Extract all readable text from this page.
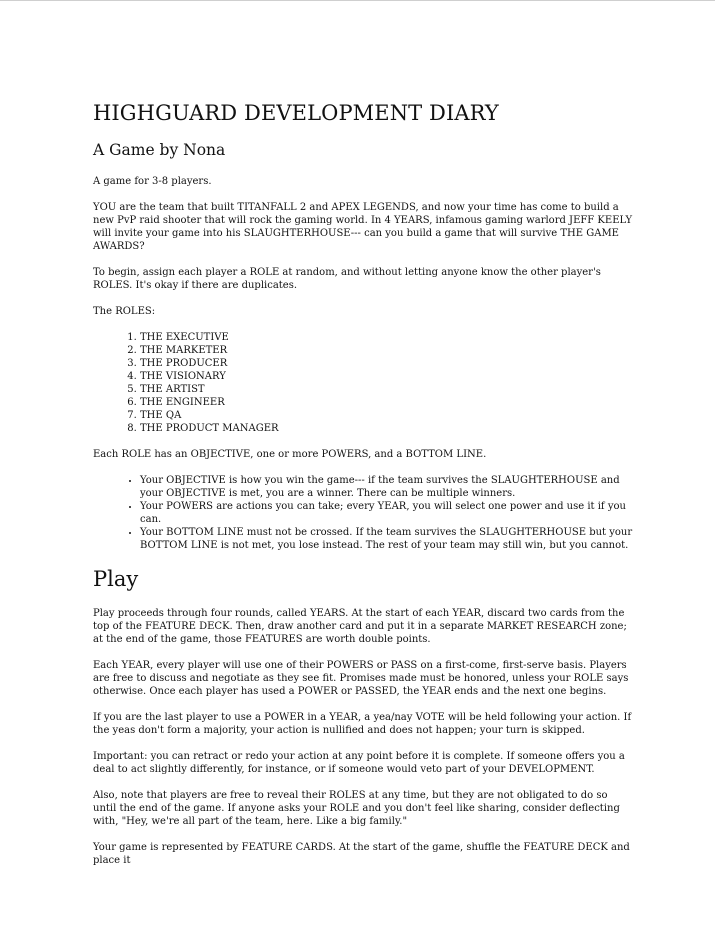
HIGHGUARD DEVELOPMENT DIARY
A Game by Nona

A game for 3-8 players.

YOU are the team that built TITANFALL 2 and APEX LEGENDS, and now your time has come to build a new PvP raid shooter that will rock the gaming world. In 4 YEARS, infamous gaming warlord JEFF KEELY will invite your game into his SLAUGHTERHOUSE--- can you build a game that will survive THE GAME AWARDS?

To begin, assign each player a ROLE at random, and without letting anyone know the other player's ROLES. It's okay if there are duplicates.

The ROLES:

1. THE EXECUTIVE
2. THE MARKETER
3. THE PRODUCER
4. THE VISIONARY
5. THE ARTIST
6. THE ENGINEER
7. THE QA
8. THE PRODUCT MANAGER

Each ROLE has an OBJECTIVE, one or more POWERS, and a BOTTOM LINE.

• Your OBJECTIVE is how you win the game--- if the team survives the SLAUGHTERHOUSE and your OBJECTIVE is met, you are a winner. There can be multiple winners.
• Your POWERS are actions you can take; every YEAR, you will select one power and use it if you can.
• Your BOTTOM LINE must not be crossed. If the team survives the SLAUGHTERHOUSE but your BOTTOM LINE is not met, you lose instead. The rest of your team may still win, but you cannot.
Play

Play proceeds through four rounds, called YEARS. At the start of each YEAR, discard two cards from the top of the FEATURE DECK. Then, draw another card and put it in a separate MARKET RESEARCH zone; at the end of the game, those FEATURES are worth double points.

Each YEAR, every player will use one of their POWERS or PASS on a first-come, first-serve basis. Players are free to discuss and negotiate as they see fit. Promises made must be honored, unless your ROLE says otherwise. Once each player has used a POWER or PASSED, the YEAR ends and the next one begins.

If you are the last player to use a POWER in a YEAR, a yea/nay VOTE will be held following your action. If the yeas don't form a majority, your action is nullified and does not happen; your turn is skipped.

Important: you can retract or redo your action at any point before it is complete. If someone offers you a deal to act slightly differently, for instance, or if someone would veto part of your DEVELOPMENT.

Also, note that players are free to reveal their ROLES at any time, but they are not obligated to do so until the end of the game. If anyone asks your ROLE and you don't feel like sharing, consider deflecting with, "Hey, we're all part of the team, here. Like a big family."

Your game is represented by FEATURE CARDS. At the start of the game, shuffle the FEATURE DECK and place it
